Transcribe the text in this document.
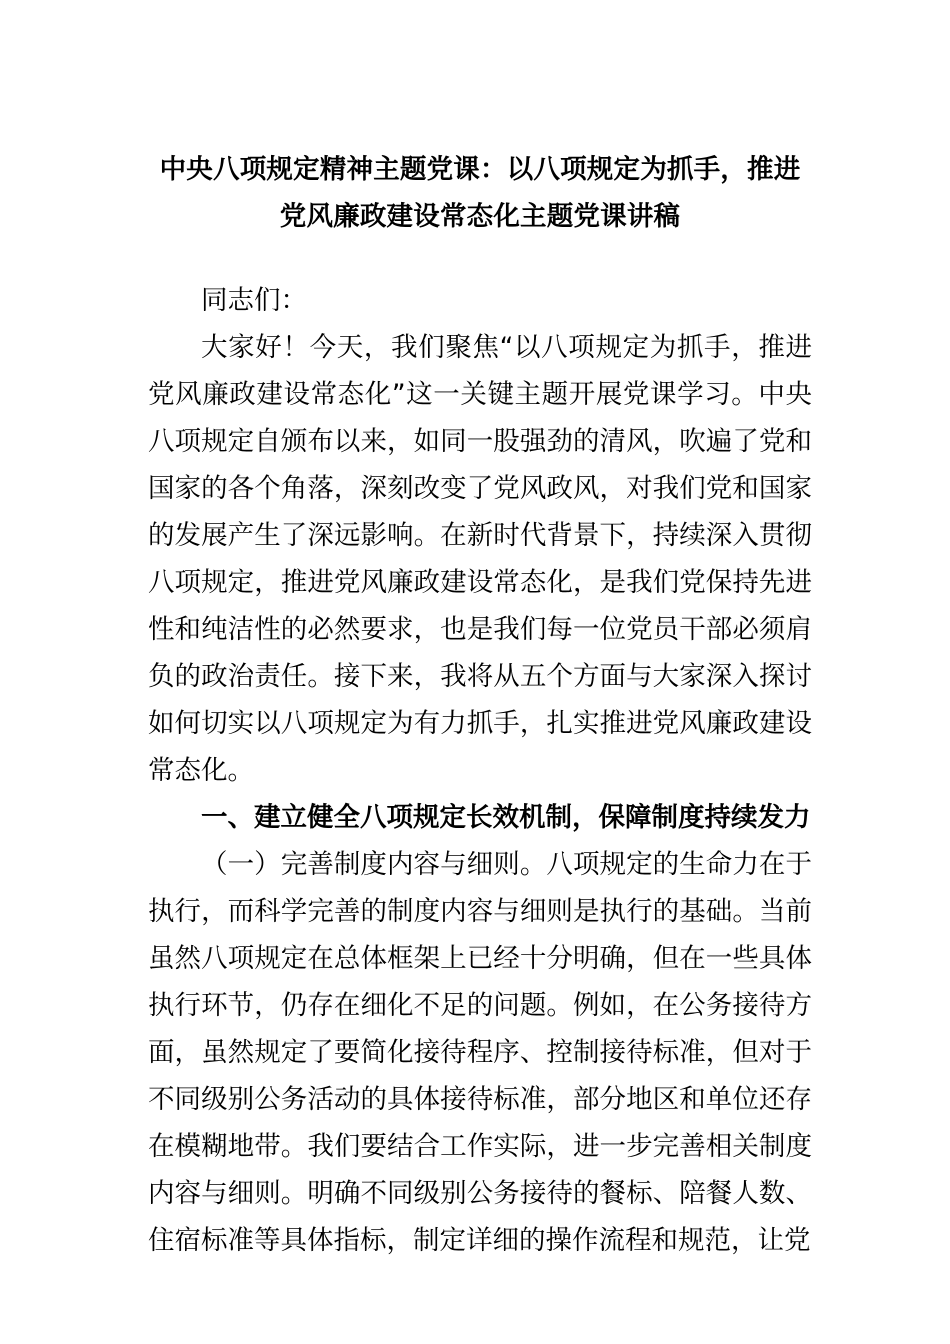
中央八项规定精神主题党课：以八项规定为抓手，推进党风廉政建设常态化主题党课讲稿

同志们：

大家好！今天，我们聚焦“以八项规定为抓手，推进党风廉政建设常态化”这一关键主题开展党课学习。中央八项规定自颁布以来，如同一股强劲的清风，吹遍了党和国家的各个角落，深刻改变了党风政风，对我们党和国家的发展产生了深远影响。在新时代背景下，持续深入贯彻八项规定，推进党风廉政建设常态化，是我们党保持先进性和纯洁性的必然要求，也是我们每一位党员干部必须肩负的政治责任。接下来，我将从五个方面与大家深入探讨如何切实以八项规定为有力抓手，扎实推进党风廉政建设常态化。

一、建立健全八项规定长效机制，保障制度持续发力

（一）完善制度内容与细则。八项规定的生命力在于执行，而科学完善的制度内容与细则是执行的基础。当前虽然八项规定在总体框架上已经十分明确，但在一些具体执行环节，仍存在细化不足的问题。例如，在公务接待方面，虽然规定了要简化接待程序、控制接待标准，但对于不同级别公务活动的具体接待标准，部分地区和单位还存在模糊地带。我们要结合工作实际，进一步完善相关制度内容与细则。明确不同级别公务接待的餐标、陪餐人数、住宿标准等具体指标，制定详细的操作流程和规范，让党
